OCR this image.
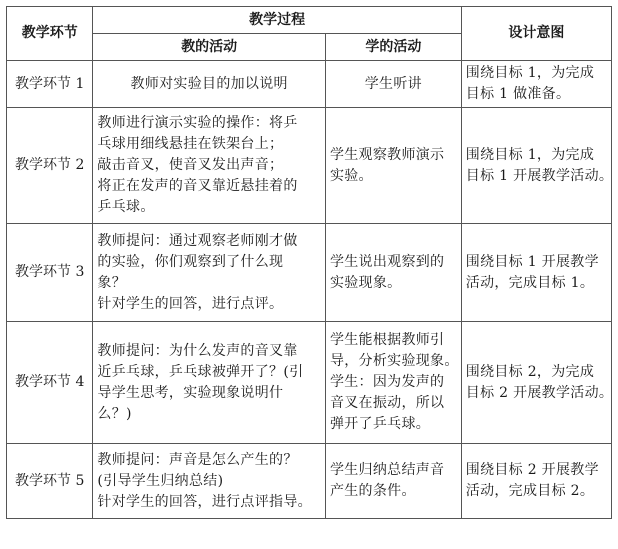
教学环节	教学过程		设计意图
	教的活动	学的活动	
教学环节 1	教师对实验目的加以说明	学生听讲	围绕目标 1，为完成
目标 1 做准备。

教学环节 2	教师进行演示实验的操作：将乒
乓球用细线悬挂在铁架台上；
敲击音叉，使音叉发出声音；
将正在发声的音叉靠近悬挂着的
乒乓球。	学生观察教师演示
实验。	围绕目标 1，为完成
目标 1 开展教学活动。

教学环节 3	教师提问：通过观察老师刚才做
的实验，你们观察到了什么现
象？
针对学生的回答，进行点评。	学生说出观察到的
实验现象。	围绕目标 1 开展教学
活动，完成目标 1。

教学环节 4	教师提问：为什么发声的音叉靠
近乒乓球，乒乓球被弹开了？(引
导学生思考，实验现象说明什
么？)	学生能根据教师引
导，分析实验现象。
学生：因为发声的
音叉在振动，所以
弹开了乒乓球。	围绕目标 2，为完成
目标 2 开展教学活动。

教学环节 5	教师提问：声音是怎么产生的？
(引导学生归纳总结)
针对学生的回答，进行点评指导。	学生归纳总结声音
产生的条件。	围绕目标 2 开展教学
活动，完成目标 2。
